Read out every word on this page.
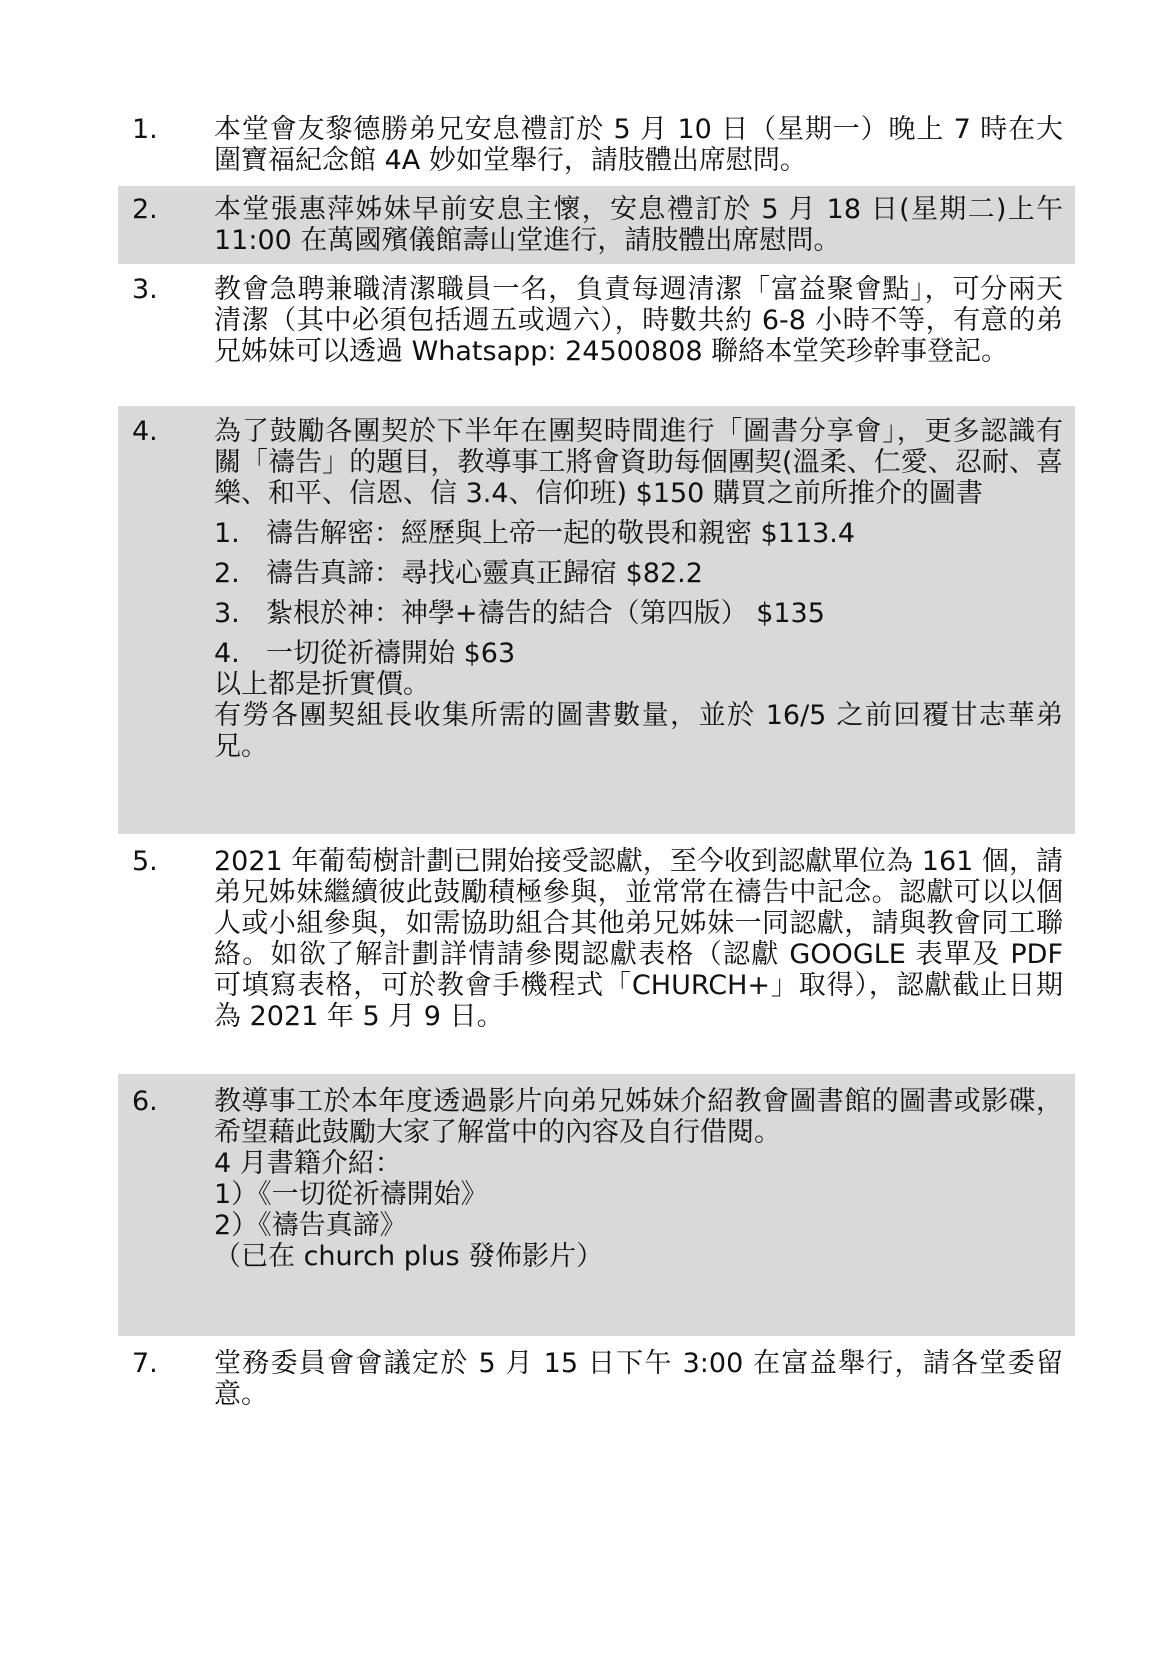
1. 本堂會友黎德勝弟兄安息禮訂於 5 月 10 日（星期一）晚上 7 時在大圍寶福紀念館 4A 妙如堂舉行，請肢體出席慰問。

2. 本堂張惠萍姊妹早前安息主懷，安息禮訂於 5 月 18 日(星期二)上午 11:00 在萬國殯儀館壽山堂進行，請肢體出席慰問。

3. 教會急聘兼職清潔職員一名，負責每週清潔「富益聚會點」，可分兩天清潔（其中必須包括週五或週六），時數共約 6-8 小時不等，有意的弟兄姊妹可以透過 Whatsapp: 24500808 聯絡本堂笑珍幹事登記。

4. 為了鼓勵各團契於下半年在團契時間進行「圖書分享會」，更多認識有關「禱告」的題目，教導事工將會資助每個團契(溫柔、仁愛、忍耐、喜樂、和平、信恩、信 3.4、信仰班) $150 購買之前所推介的圖書

1. 禱告解密：經歷與上帝一起的敬畏和親密 $113.4
2. 禱告真諦：尋找心靈真正歸宿 $82.2
3. 紮根於神：神學+禱告的結合（第四版） $135
4. 一切從祈禱開始 $63

以上都是折實價。

有勞各團契組長收集所需的圖書數量，並於 16/5 之前回覆甘志華弟兄。

5. 2021 年葡萄樹計劃已開始接受認獻，至今收到認獻單位為 161 個，請弟兄姊妹繼續彼此鼓勵積極參與，並常常在禱告中記念。認獻可以以個人或小組參與，如需協助組合其他弟兄姊妹一同認獻，請與教會同工聯絡。如欲了解計劃詳情請參閱認獻表格（認獻 GOOGLE 表單及 PDF 可填寫表格，可於教會手機程式「CHURCH+」取得），認獻截止日期為 2021 年 5 月 9 日。

6. 教導事工於本年度透過影片向弟兄姊妹介紹教會圖書館的圖書或影碟，希望藉此鼓勵大家了解當中的內容及自行借閱。

4 月書籍介紹：

1）《一切從祈禱開始》

2）《禱告真諦》

（已在 church plus 發佈影片）

7. 堂務委員會會議定於 5 月 15 日下午 3:00 在富益舉行，請各堂委留意。
